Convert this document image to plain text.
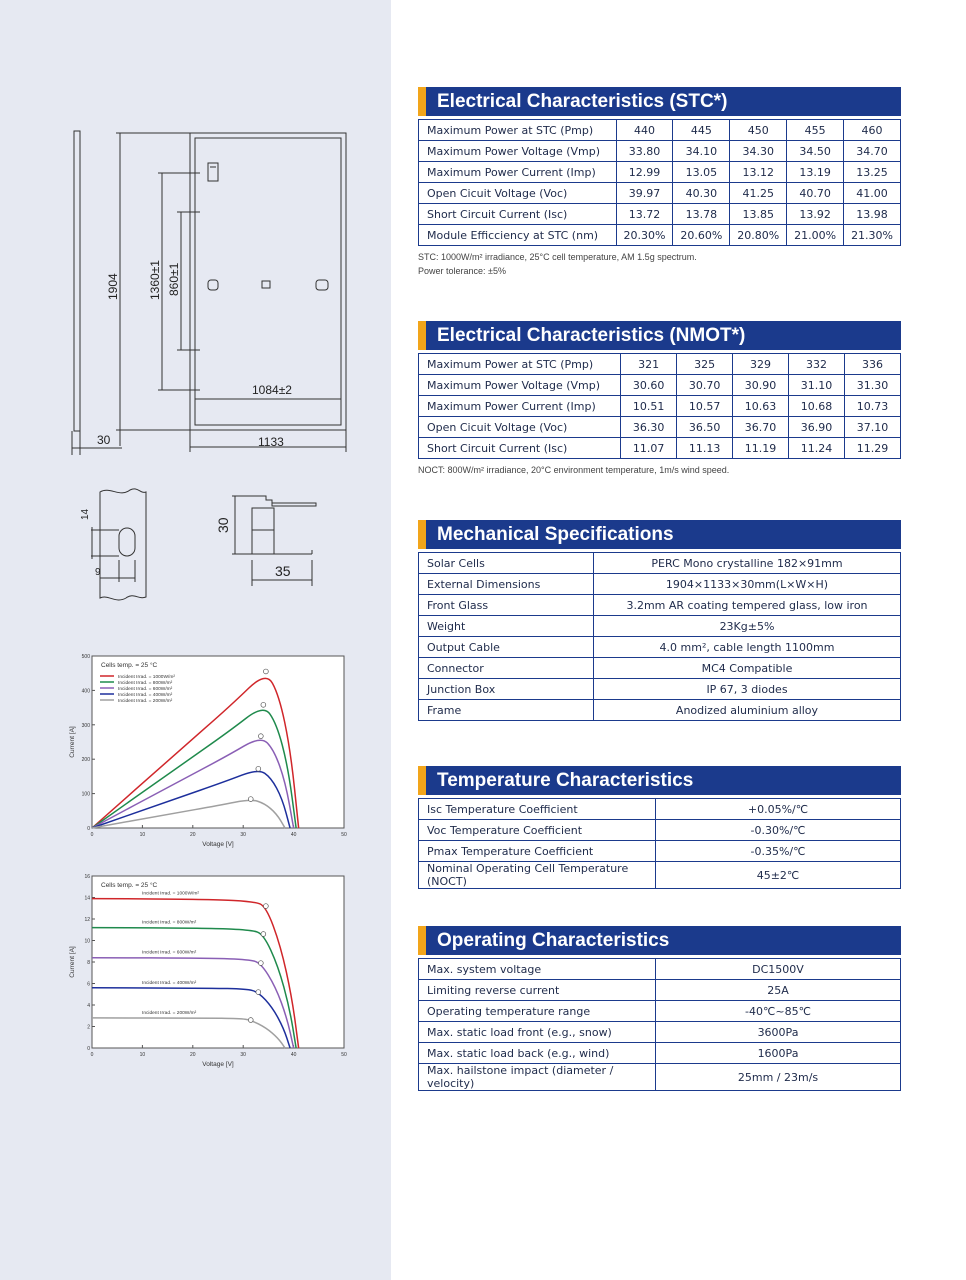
1904 1360±1 860±1
1084±2
1133
30
14
9
30
35
0	10	20	30	40	50
0
100
200
300
400
500
Voltage [V]
Current [A]
Cells temp. = 25 °C
Incident Irrad. = 1000W/m²
Incident Irrad. = 800W/m²
Incident Irrad. = 600W/m²
Incident Irrad. = 400W/m²
Incident Irrad. = 200W/m²
0	10	20	30	40	50
0
2
4
6
8
10
12
14
16
Voltage [V]
Current [A]
Cells temp. = 25 °C
Incident Irrad. = 1000W/m²
Incident Irrad. = 800W/m²
Incident Irrad. = 600W/m²
Incident Irrad. = 400W/m²
Incident Irrad. = 200W/m²
Electrical Characteristics (STC*)
Maximum Power at STC (Pmp)	440	445	450	455	460
Maximum Power Voltage (Vmp)	33.80	34.10	34.30	34.50	34.70
Maximum Power Current (Imp)	12.99	13.05	13.12	13.19	13.25
Open Cicuit Voltage (Voc)	39.97	40.30	41.25	40.70	41.00
Short Circuit Current (Isc)	13.72	13.78	13.85	13.92	13.98
Module Efficciency at STC (nm)	20.30%	20.60%	20.80%	21.00%	21.30%
STC: 1000W/m² irradiance, 25°C cell temperature, AM 1.5g spectrum.
Power tolerance: ±5%
Electrical Characteristics (NMOT*)
Maximum Power at STC (Pmp)	321	325	329	332	336
Maximum Power Voltage (Vmp)	30.60	30.70	30.90	31.10	31.30
Maximum Power Current (Imp)	10.51	10.57	10.63	10.68	10.73
Open Cicuit Voltage (Voc)	36.30	36.50	36.70	36.90	37.10
Short Circuit Current (Isc)	11.07	11.13	11.19	11.24	11.29
NOCT: 800W/m² irradiance, 20°C environment temperature, 1m/s wind speed.
Mechanical Specifications
Solar Cells	PERC Mono crystalline 182×91mm
External Dimensions	1904×1133×30mm(L×W×H)
Front Glass	3.2mm AR coating tempered glass, low iron
Weight	23Kg±5%
Output Cable	4.0 mm², cable length 1100mm
Connector	MC4 Compatible
Junction Box	IP 67, 3 diodes
Frame	Anodized aluminium alloy
Temperature Characteristics
Isc Temperature Coefficient	+0.05%/℃
Voc Temperature Coefficient	-0.30%/℃
Pmax Temperature Coefficient	-0.35%/℃
Nominal Operating Cell Temperature (NOCT)	45±2℃
Operating Characteristics
Max. system voltage	DC1500V
Limiting reverse current	25A
Operating temperature range	-40℃~85℃
Max. static load front (e.g., snow)	3600Pa
Max. static load back (e.g., wind)	1600Pa
Max. hailstone impact (diameter / velocity)	25mm / 23m/s
